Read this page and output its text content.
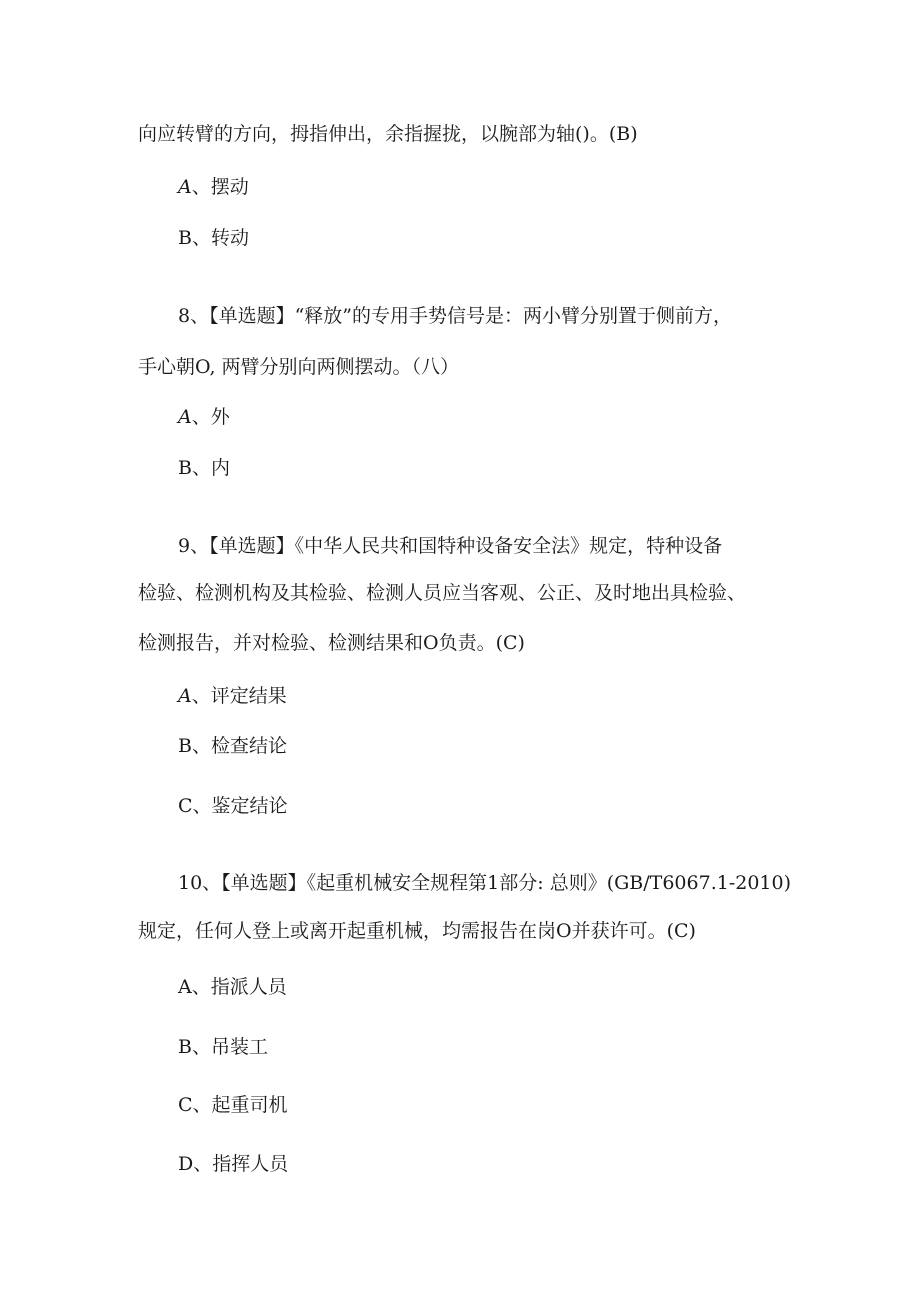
向应转臂的方向，拇指伸出，余指握拢，以腕部为轴()。(B)
𝐴、摆动
B、转动
8、【单选题】“释放”的专用手势信号是：两小臂分别置于侧前方，
手心朝O, 两臂分别向两侧摆动。（八）
𝐴、外
B、内
9、【单选题】《中华人民共和国特种设备安全法》规定，特种设备
检验、检测机构及其检验、检测人员应当客观、公正、及时地出具检验、
检测报告，并对检验、检测结果和O负责。(C)
𝐴、评定结果
B、检查结论
C、鉴定结论
10、【单选题】《起重机械安全规程第1部分: 总则》(GB/T6067.1-2010)
规定，任何人登上或离开起重机械，均需报告在岗O并获许可。(C)
A、指派人员
B、吊装工
C、起重司机
D、指挥人员
